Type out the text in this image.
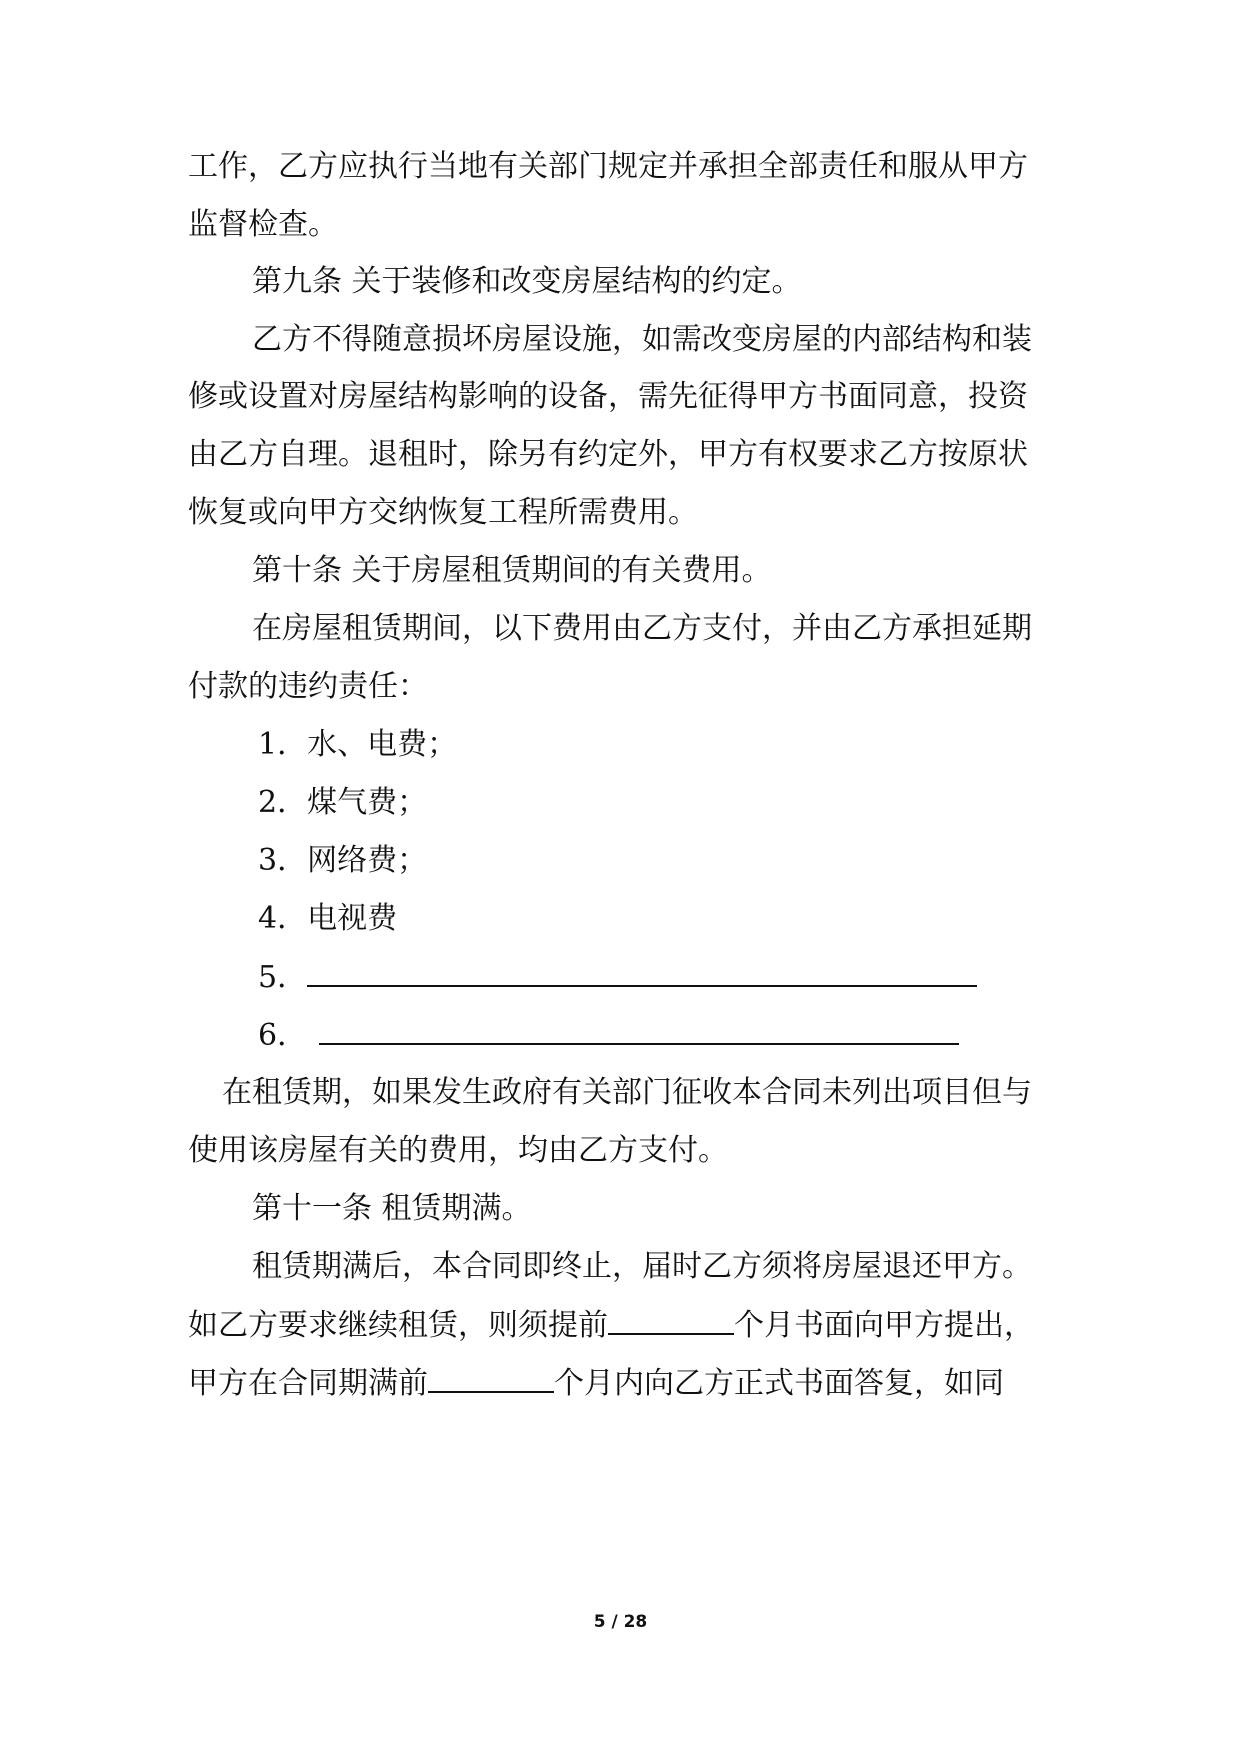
工作，乙方应执行当地有关部门规定并承担全部责任和服从甲方
监督检查。
第九条 关于装修和改变房屋结构的约定。
乙方不得随意损坏房屋设施，如需改变房屋的内部结构和装
修或设置对房屋结构影响的设备，需先征得甲方书面同意，投资
由乙方自理。退租时，除另有约定外，甲方有权要求乙方按原状
恢复或向甲方交纳恢复工程所需费用。
第十条 关于房屋租赁期间的有关费用。
在房屋租赁期间，以下费用由乙方支付，并由乙方承担延期
付款的违约责任：
1．水、电费；
2．煤气费；
3．网络费；
4．电视费
5．
6．
在租赁期，如果发生政府有关部门征收本合同未列出项目但与
使用该房屋有关的费用，均由乙方支付。
第十一条 租赁期满。
租赁期满后，本合同即终止，届时乙方须将房屋退还甲方。
如乙方要求继续租赁，则须提前	个月书面向甲方提出，
甲方在合同期满前	个月内向乙方正式书面答复，如同
5 / 28
